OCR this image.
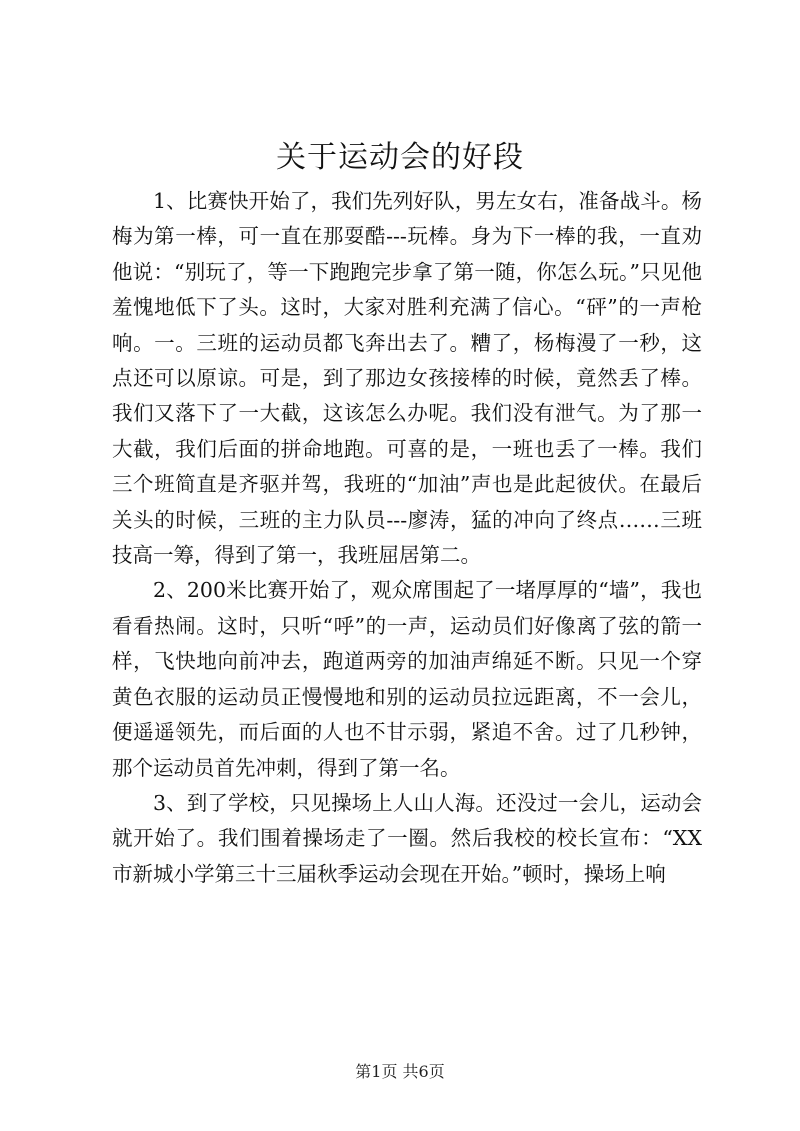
关于运动会的好段

1、比赛快开始了，我们先列好队，男左女右，准备战斗。杨梅为第一棒，可一直在那耍酷---玩棒。身为下一棒的我，一直劝他说：“别玩了，等一下跑跑完步拿了第一随，你怎么玩。”只见他羞愧地低下了头。这时，大家对胜利充满了信心。“砰”的一声枪响。一。三班的运动员都飞奔出去了。糟了，杨梅漫了一秒，这点还可以原谅。可是，到了那边女孩接棒的时候，竟然丢了棒。我们又落下了一大截，这该怎么办呢。我们没有泄气。为了那一大截，我们后面的拼命地跑。可喜的是，一班也丢了一棒。我们三个班简直是齐驱并驾，我班的“加油”声也是此起彼伏。在最后关头的时候，三班的主力队员---廖涛，猛的冲向了终点……三班技高一筹，得到了第一，我班屈居第二。

2、200米比赛开始了，观众席围起了一堵厚厚的“墙”，我也看看热闹。这时，只听“呼”的一声，运动员们好像离了弦的箭一样，飞快地向前冲去，跑道两旁的加油声绵延不断。只见一个穿黄色衣服的运动员正慢慢地和别的运动员拉远距离，不一会儿，便遥遥领先，而后面的人也不甘示弱，紧追不舍。过了几秒钟，那个运动员首先冲刺，得到了第一名。

3、到了学校，只见操场上人山人海。还没过一会儿，运动会就开始了。我们围着操场走了一圈。然后我校的校长宣布：“XX市新城小学第三十三届秋季运动会现在开始。”顿时，操场上响

第1页 共6页
